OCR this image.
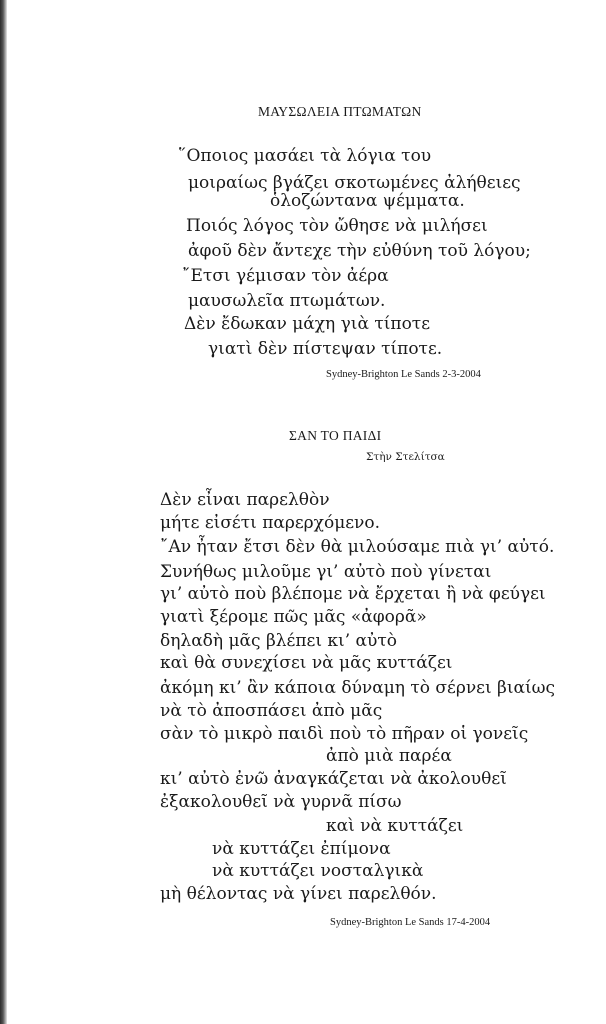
ΜΑΥΣΩΛΕΙΑ ΠΤΩΜΑΤΩΝ
῞Οποιος μασάει τὰ λόγια του
μοιραίως βγάζει σκοτωμένες ἀλήθειες
ὁλοζώντανα ψέμματα.
Ποιός λόγος τὸν ὤθησε νὰ μιλήσει
ἀφοῦ δὲν ἄντεχε τὴν εὐθύνη τοῦ λόγου;
῎Ετσι γέμισαν τὸν ἀέρα
μαυσωλεῖα πτωμάτων.
Δὲν ἔδωκαν μάχη γιὰ τίποτε
γιατὶ δὲν πίστεψαν τίποτε.
Sydney-Brighton Le Sands 2-3-2004
ΣΑΝ ΤΟ ΠΑΙΔΙ
Στὴν Στελίτσα
Δὲν εἶναι παρελθὸν
μήτε εἰσέτι παρερχόμενο.
῎Αν ἦταν ἔτσι δὲν θὰ μιλούσαμε πιὰ γι’ αὐτό.
Συνήθως μιλοῦμε γι’ αὐτὸ ποὺ γίνεται
γι’ αὐτὸ ποὺ βλέπομε νὰ ἔρχεται ἢ νὰ φεύγει
γιατὶ ξέρομε πῶς μᾶς «ἀφορᾶ»
δηλαδὴ μᾶς βλέπει κι’ αὐτὸ
καὶ θὰ συνεχίσει νὰ μᾶς κυττάζει
ἀκόμη κι’ ἂν κάποια δύναμη τὸ σέρνει βιαίως
νὰ τὸ ἀποσπάσει ἀπὸ μᾶς
σὰν τὸ μικρὸ παιδὶ ποὺ τὸ πῆραν οἱ γονεῖς
ἀπὸ μιὰ παρέα
κι’ αὐτὸ ἐνῶ ἀναγκάζεται νὰ ἀκολουθεῖ
ἐξακολουθεῖ νὰ γυρνᾶ πίσω
καὶ νὰ κυττάζει
νὰ κυττάζει ἐπίμονα
νὰ κυττάζει νοσταλγικὰ
μὴ θέλοντας νὰ γίνει παρελθόν.
Sydney-Brighton Le Sands 17-4-2004
